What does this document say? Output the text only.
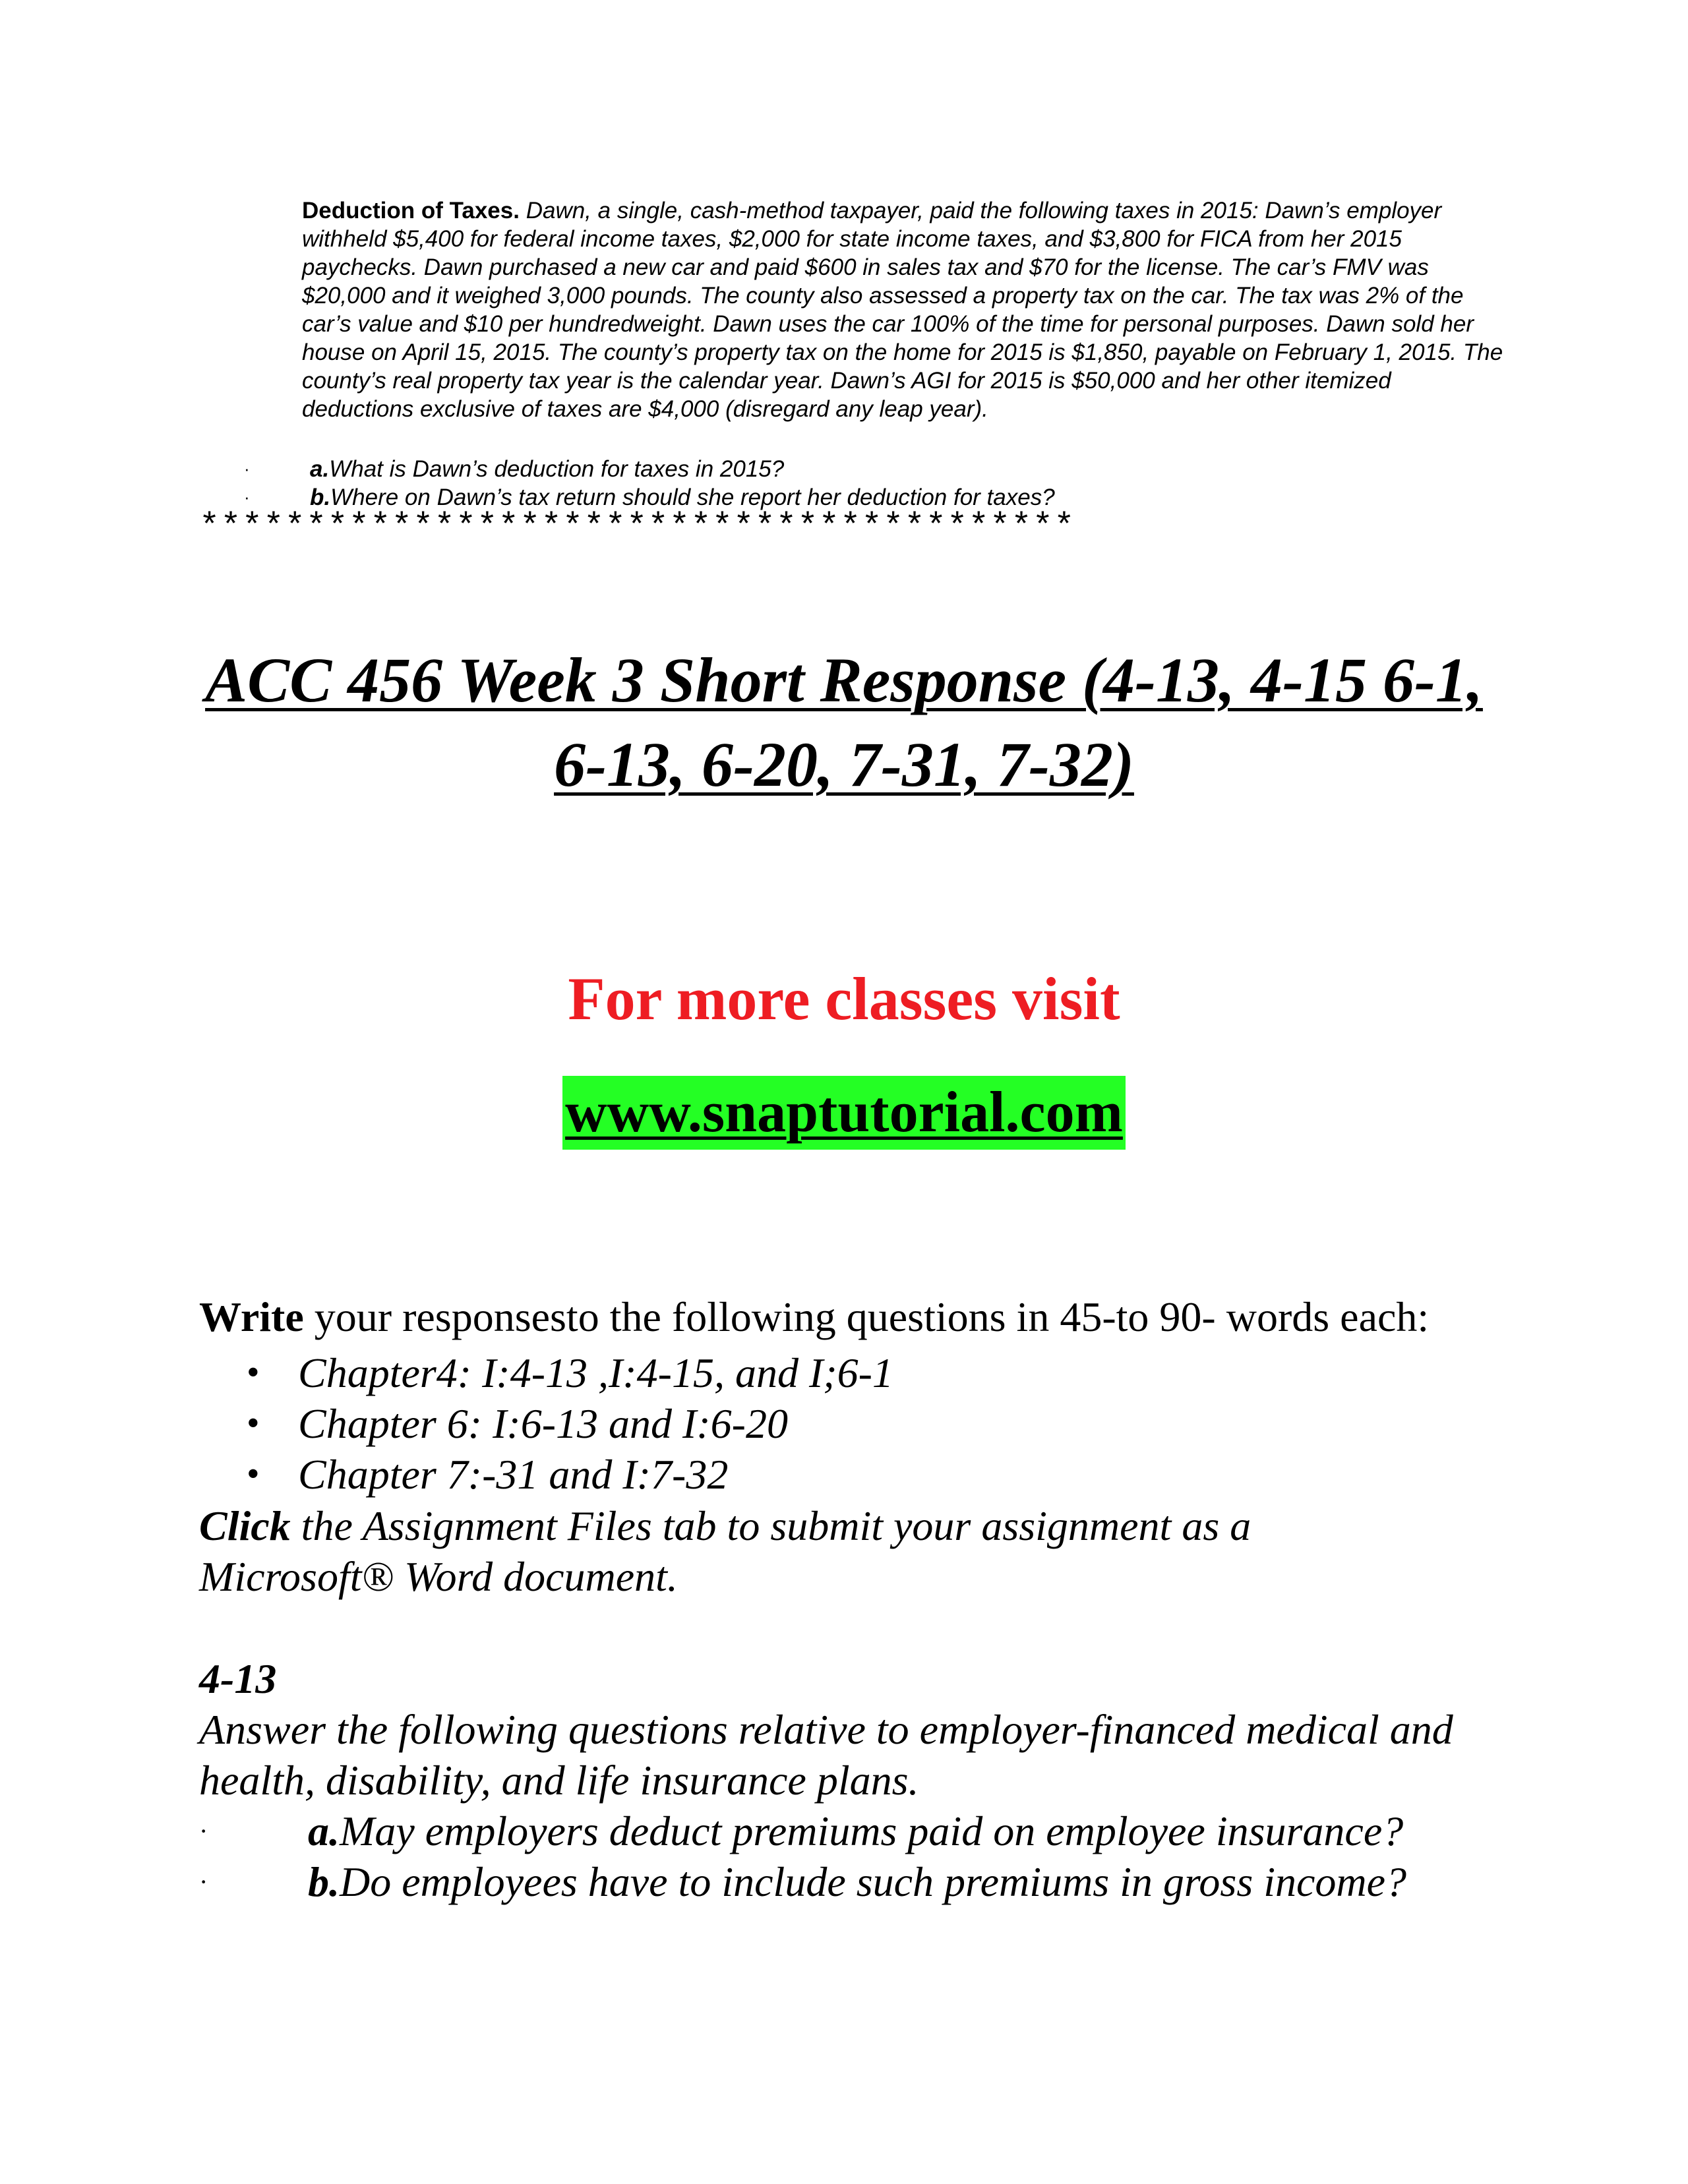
Deduction of Taxes. Dawn, a single, cash-method taxpayer, paid the following taxes in 2015: Dawn’s employer withheld $5,400 for federal income taxes, $2,000 for state income taxes, and $3,800 for FICA from her 2015 paychecks. Dawn purchased a new car and paid $600 in sales tax and $70 for the license. The car’s FMV was $20,000 and it weighed 3,000 pounds. The county also assessed a property tax on the car. The tax was 2% of the car’s value and $10 per hundredweight. Dawn uses the car 100% of the time for personal purposes. Dawn sold her house on April 15, 2015. The county’s property tax on the home for 2015 is $1,850, payable on February 1, 2015. The county’s real property tax year is the calendar year. Dawn’s AGI for 2015 is $50,000 and her other itemized deductions exclusive of taxes are $4,000 (disregard any leap year).

·	a.What is Dawn’s deduction for taxes in 2015?
·	b.Where on Dawn’s tax return should she report her deduction for taxes?
*****************************************
ACC 456 Week 3 Short Response (4-13, 4-15 6-1, 6-13, 6-20, 7-31, 7-32)
For more classes visit
www.snaptutorial.com
Write your responsesto the following questions in 45-to 90- words each:
• Chapter4: I:4-13 ,I:4-15, and I;6-1
• Chapter 6: I:6-13 and I:6-20
• Chapter 7:-31 and I:7-32
Click the Assignment Files tab to submit your assignment as a Microsoft® Word document.
4-13
Answer the following questions relative to employer-financed medical and health, disability, and life insurance plans.
· a.May employers deduct premiums paid on employee insurance?
· b.Do employees have to include such premiums in gross income?
